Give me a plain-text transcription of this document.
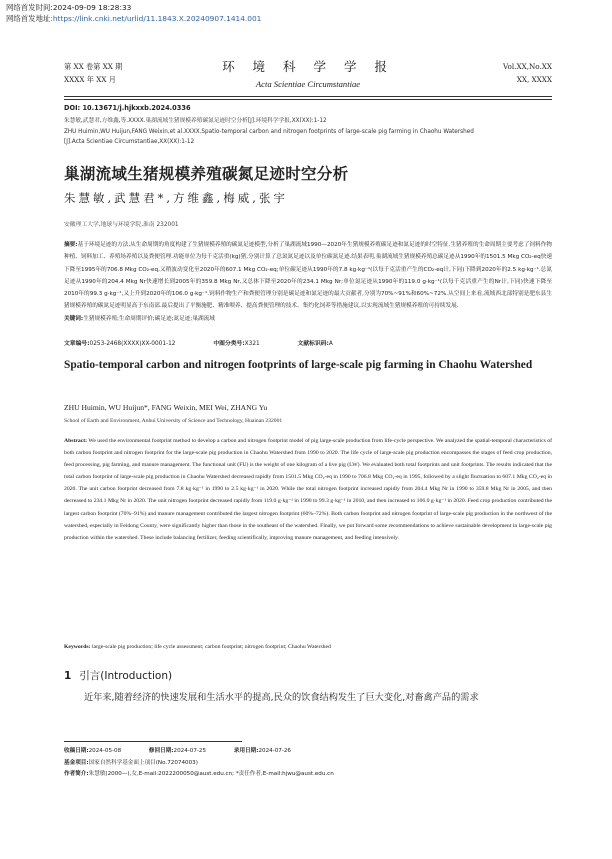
网络首发时间:2024-09-09 18:28:33
网络首发地址:https://link.cnki.net/urlid/11.1843.X.20240907.1414.001
第 XX 卷第 XX 期
XXXX 年 XX 月
环 境 科 学 学 报
Acta Scientiae Circumstantiae
Vol.XX,No.XX
XX, XXXX
DOI: 10.13671/j.hjkxxb.2024.0336
朱慧敏,武慧君,方维鑫,等.XXXX.巢湖流域生猪规模养殖碳氮足迹时空分析[J].环境科学学报,XX(XX):1-12
ZHU Huimin,WU Huijun,FANG Weixin,et al.XXXX.Spatio-temporal carbon and nitrogen footprints of large-scale pig farming in Chaohu Watershed
[J].Acta Scientiae Circumstantiae,XX(XX):1-12
巢湖流域生猪规模养殖碳氮足迹时空分析
朱慧敏,武慧君*,方维鑫,梅威,张宇
安徽理工大学,地球与环境学院,淮南 232001
摘要:基于环境足迹的方法,从生命周期的角度构建了生猪规模养殖的碳氮足迹模型,分析了巢湖流域1990—2020年生猪规模养殖碳足迹和氮足迹的时空特征.生猪养殖的生命周期主要考虑了饲料作物种植、饲料加工、养殖场养殖以及粪便管理.功能单位为每千克活重(kg)猪,分别计算了总氮氮足迹以及单位碳氮足迹.结果表明,巢湖流域生猪规模养殖总碳足迹从1990年的1501.5 Mkg CO₂-eq快速下降至1995年的706.8 Mkg CO₂-eq,又稍波动变化至2020年的607.1 Mkg CO₂-eq;单位碳足迹从1990年的7.8 kg·kg⁻¹(以每千克活重产生的CO₂-eq计,下同)下降到2020年的2.5 kg·kg⁻¹.总氮足迹从1990年的204.4 Mkg Nr快速增长到2005年的359.8 Mkg Nr,又总体下降至2020年的234.1 Mkg Nr;单位氮足迹从1990年的119.0 g·kg⁻¹(以每千克活重产生的Nr计,下同)快速下降至2010年的99.3 g·kg⁻¹,又上升到2020年的106.0 g·kg⁻¹.饲料作物生产和粪便管理分别是碳足迹和氮足迹的最大贡献者,分别为70%~91%和60%~72%.从空间上来看,流域西北部特别是肥东县生猪规模养殖的碳氮足迹明显高于东南部.最后提出了平衡施肥、精准喂养、提高粪便管理的技术、集约化饲养等措施建议,以实现流域生猪规模养殖的可持续发展.
关键词:生猪规模养殖;生命周期评价;碳足迹;氮足迹;巢湖流域
文章编号:0253-2468(XXXX)XX-0001-12	中图分类号:X321	文献标识码:A
Spatio-temporal carbon and nitrogen footprints of large-scale pig farming in Chaohu Watershed
ZHU Huimin, WU Huijun*, FANG Weixin, MEI Wei, ZHANG Yu
School of Earth and Environment, Anhui University of Science and Technology, Huainan 232001
Abstract: We used the environmental footprint method to develop a carbon and nitrogen footprint model of pig large-scale production from life-cycle perspective. We analyzed the spatial-temporal characteristics of both carbon footprint and nitrogen footprint for the large-scale pig production in Chaohu Watershed from 1990 to 2020. The life cycle of large-scale pig production encompasses the stages of feed crop production, feed processing, pig farming, and manure management. The functional unit (FU) is the weight of one kilogram of a live pig (LW). We evaluated both total footprints and unit footprints. The results indicated that the total carbon footprint of large-scale pig production in Chaohu Watershed decreased rapidly from 1501.5 Mkg CO₂-eq in 1990 to 706.8 Mkg CO₂-eq in 1995, followed by a slight fluctuation to 607.1 Mkg CO₂-eq in 2020. The unit carbon footprint decreased from 7.8 kg·kg⁻¹ in 1990 to 2.5 kg·kg⁻¹ in 2020. While the total nitrogen footprint increased rapidly from 204.4 Mkg Nr in 1990 to 359.8 Mkg Nr in 2005, and then decreased to 234.1 Mkg Nr in 2020. The unit nitrogen footprint decreased rapidly from 119.0 g·kg⁻¹ in 1990 to 99.3 g·kg⁻¹ in 2010, and then increased to 106.0 g·kg⁻¹ in 2020. Feed crop production contributed the largest carbon footprint (70%–91%) and manure management contributed the largest nitrogen footprint (60%–72%). Both carbon footprint and nitrogen footprint of large-scale pig production in the northwest of the watershed, especially in Feidong County, were significantly higher than those in the southeast of the watershed. Finally, we put forward some recommendations to achieve sustainable development in large-scale pig production within the watershed. These include balancing fertilizer, feeding scientifically, improving manure management, and feeding intensively.
Keywords: large-scale pig production; life cycle assessment; carbon footprint; nitrogen footprint; Chaohu Watershed
1 引言(Introduction)
近年来,随着经济的快速发展和生活水平的提高,民众的饮食结构发生了巨大变化,对畜禽产品的需求
收稿日期:2024-05-08	修回日期:2024-07-25	录用日期:2024-07-26
基金项目:国家自然科学基金面上项目(No.72074003)
作者简介:朱慧敏(2000—),女,E-mail:2022200050@aust.edu.cn; *责任作者,E-mail:hjwu@aust.edu.cn
